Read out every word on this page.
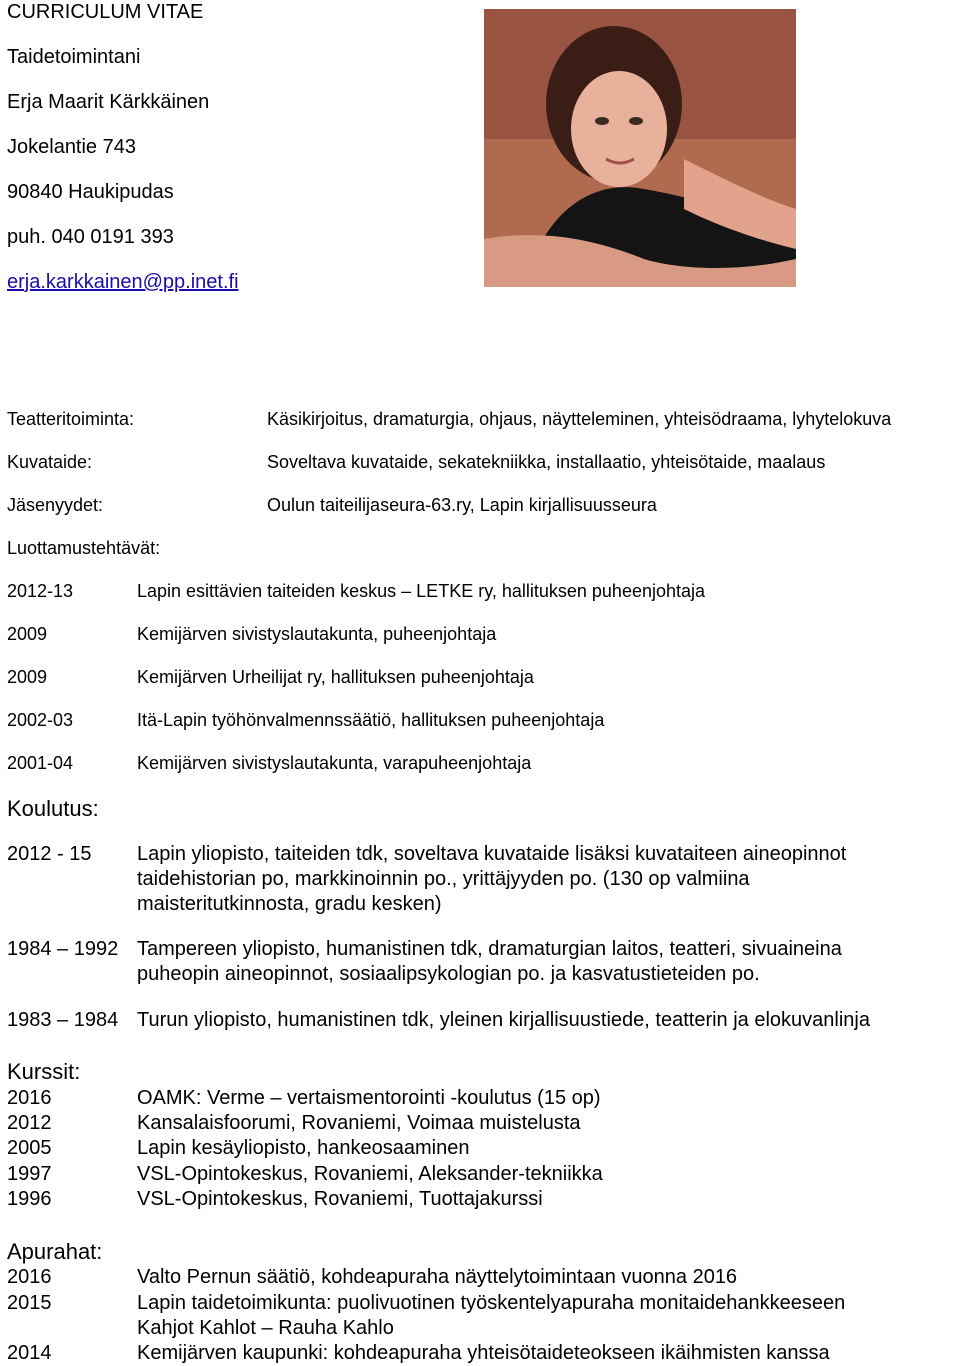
CURRICULUM VITAE
Taidetoimintani
Erja Maarit Kärkkäinen
Jokelantie 743
90840 Haukipudas
puh. 040 0191 393
erja.karkkainen@pp.inet.fi
Teatteritoiminta:	Käsikirjoitus, dramaturgia, ohjaus, näytteleminen, yhteisödraama, lyhytelokuva
Kuvataide:	Soveltava kuvataide, sekatekniikka, installaatio, yhteisötaide, maalaus
Jäsenyydet:	Oulun taiteilijaseura-63.ry, Lapin kirjallisuusseura
Luottamustehtävät:
2012-13	Lapin esittävien taiteiden keskus – LETKE ry, hallituksen puheenjohtaja
2009	Kemijärven sivistyslautakunta, puheenjohtaja
2009	Kemijärven Urheilijat ry, hallituksen puheenjohtaja
2002-03	Itä-Lapin työhönvalmennssäätiö, hallituksen puheenjohtaja
2001-04	Kemijärven sivistyslautakunta, varapuheenjohtaja
Koulutus:
2012 - 15 Lapin yliopisto, taiteiden tdk, soveltava kuvataide lisäksi kuvataiteen aineopinnot
taidehistorian po, markkinoinnin po., yrittäjyyden po. (130 op valmiina
maisteritutkinnosta, gradu kesken)
1984 – 1992 Tampereen yliopisto, humanistinen tdk, dramaturgian laitos, teatteri, sivuaineina
puheopin aineopinnot, sosiaalipsykologian po. ja kasvatustieteiden po.
1983 – 1984 Turun yliopisto, humanistinen tdk, yleinen kirjallisuustiede, teatterin ja elokuvanlinja
Kurssit:
2016	OAMK: Verme – vertaismentorointi -koulutus (15 op)
2012	Kansalaisfoorumi, Rovaniemi, Voimaa muistelusta
2005	Lapin kesäyliopisto, hankeosaaminen
1997	VSL-Opintokeskus, Rovaniemi, Aleksander-tekniikka
1996	VSL-Opintokeskus, Rovaniemi, Tuottajakurssi
Apurahat:
2016	Valto Pernun säätiö, kohdeapuraha näyttelytoimintaan vuonna 2016
2015	Lapin taidetoimikunta: puolivuotinen työskentelyapuraha monitaidehankkeeseen
Kahjot Kahlot – Rauha Kahlo
2014	Kemijärven kaupunki: kohdeapuraha yhteisötaideteokseen ikäihmisten kanssa
